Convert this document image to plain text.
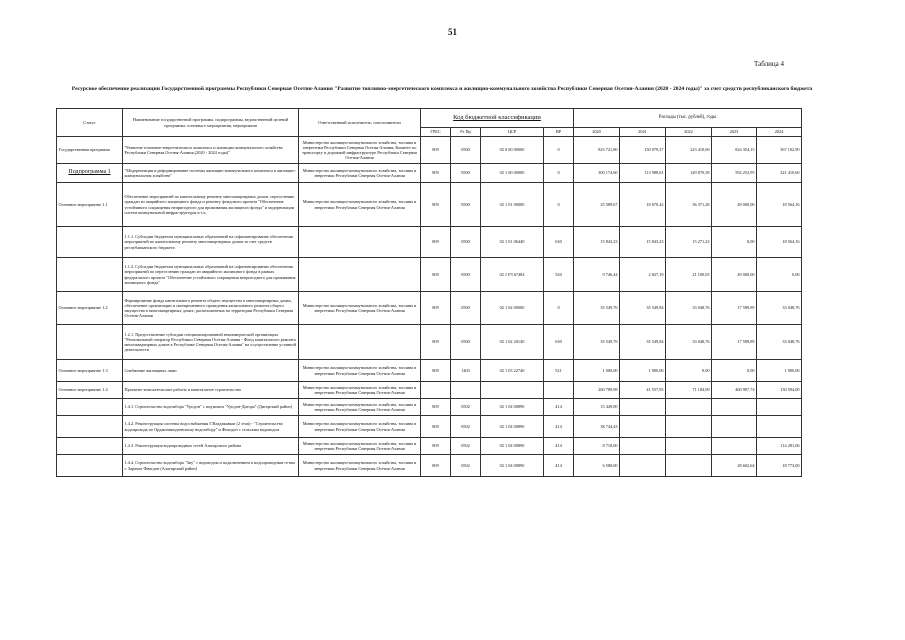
51
Таблица 4
Ресурсное обеспечение реализации Государственной программы Республики Северная Осетия-Алания "Развитие топливно-энергетического комплекса и жилищно-коммунального хозяйства Республики Северная Осетия-Алания (2020 - 2024 годы)" за счет средств республиканского бюджета
Статус	Наименование государственной программы, подпрограммы, ведомственной целевой программы, основного мероприятия, мероприятия	Ответственный исполнитель, соисполнители	Код бюджетной классификации				Расходы (тыс. рублей), годы				
			ГРБС	Рз Пр	ЦСР	ВР	2020	2021	2022	2023	2024
Государственная программа	"Развитие топливно-энергетического комплекса и жилищно-коммунального хозяйства Республики Северная Осетия-Алания (2020 - 2024 годы)"	Министерство жилищно-коммунального хозяйства, топлива и энергетики Республики Северная Осетия-Алания; Комитет по транспорту и дорожной инфраструктуре Республики Северная Осетия-Алания	809	0500	02 0 00 00000	0	823 721,80	150 079,37	223 410,69	824 354,15	367 102,90
Подпрограмма 1	"Модернизация и реформирование системы жилищно-коммунального комплекса в жилищно-коммунальном хозяйстве"	Министерство жилищно-коммунального хозяйства, топлива и энергетики Республики Северная Осетия-Алания	809	0500	02 1 00 00000	0	300 174,60	113 988,61	149 870,58	592 253,95	321 410,60
Основное мероприятие 1.1	Обеспечение мероприятий по капитальному ремонту многоквартирных домов, переселению граждан из аварийного жилищного фонда и ремонту фондового проекта "Обеспечение устойчивого сокращения непригодного для проживания жилищного фонда" и модернизации систем коммунальной инфраструктуры в т.ч.	Министерство жилищно-коммунального хозяйства, топлива и энергетики Республики Северная Осетия-Алания	809	0500	02 1 01 00000	0	25 589,67	18 670,42	36 371,28	49 000,00	18 564,16
	1.1.1. Субсидии бюджетам муниципальных образований на софинансирование обеспечения мероприятий по капитальному ремонту многоквартирных домов за счет средств республиканского бюджета		809	0500	02 1 01 06440	630	15 843,23	15 843,23	15 271,23	0,00	18 564,16
	1.1.2. Субсидии бюджетам муниципальных образований на софинансирование обеспечения мероприятий по переселению граждан из аварийного жилищного фонда в рамках федерального проекта "Обеспечение устойчивого сокращения непригодного для проживания жилищного фонда"		809	0500	02 1 F3 67484	520	9 746,44	2 827,19	21 100,05	49 000,00	0,00
Основное мероприятие 1.2	Формирование фонда капитального ремонта общего имущества в многоквартирных домах, обеспечение организации и своевременного проведения капитального ремонта общего имущества в многоквартирных домах, расположенных на территории Республики Северная Осетия-Алания	Министерство жилищно-коммунального хозяйства, топлива и энергетики Республики Северная Осетия-Алания	809	0500	02 1 02 00000	0	35 549,76	35 549,84	33 048,76	17 589,89	33 048,76
	1.2.1. Предоставление субсидии специализированной некоммерческой организации "Региональный оператор Республики Северная Осетия-Алания - Фонд капитального ремонта многоквартирных домов в Республике Северная Осетия-Алания" на осуществление уставной деятельности		809	0500	02 1 02 20140	630	35 549,76	35 549,84	33 048,76	17 589,89	33 048,76
Основное мероприятие 1.3	Снабжение жилищных ламп	Министерство жилищно-коммунального хозяйства, топлива и энергетики Республики Северная Осетия-Алания	809	1403	02 1 03 22740	521	1 000,00	1 000,00	0,00	0,00	1 000,00
Основное мероприятие 1.4	Проектно-изыскательские работы и капитальное строительство	Министерство жилищно-коммунального хозяйства, топлива и энергетики Республики Северная Осетия-Алания					260 789,98	41 557,95	71 184,09	460 987,74	130 594,00
	1.4.1. Строительство водозабора "Урсдон" с подъемом "Урсдон-Дигора" (Дигорский район)	Министерство жилищно-коммунального хозяйства, топлива и энергетики Республики Северная Осетия-Алания	809	0502	02 1 04 00890	414	15 449,00				
	1.4.2. Реконструкция системы водоснабжения Г.Владикавказ (2 этап) - "Строительство водопровода по Орджоникидзевскому водозабору" и Фиагдон с сельским водоводом	Министерство жилищно-коммунального хозяйства, топлива и энергетики Республики Северная Осетия-Алания	809	0502	02 1 04 00890	414	38 744,43				
	1.4.3. Реконструкция водопроводных сетей Алагирского района	Министерство жилищно-коммунального хозяйства, топлива и энергетики Республики Северная Осетия-Алания	809	0502	02 1 04 00890	414	8 710,00				114 281,06
	1.4.4. Строительство водозабора "Зиу" с водоводом и подключением к водопроводным сетям г. Зарамаг Фиагдон (Алагирский район)	Министерство жилищно-коммунального хозяйства, топлива и энергетики Республики Северная Осетия-Алания	809	0502	02 1 04 00890	414	6 580,00			28 602,64	18 773,00
